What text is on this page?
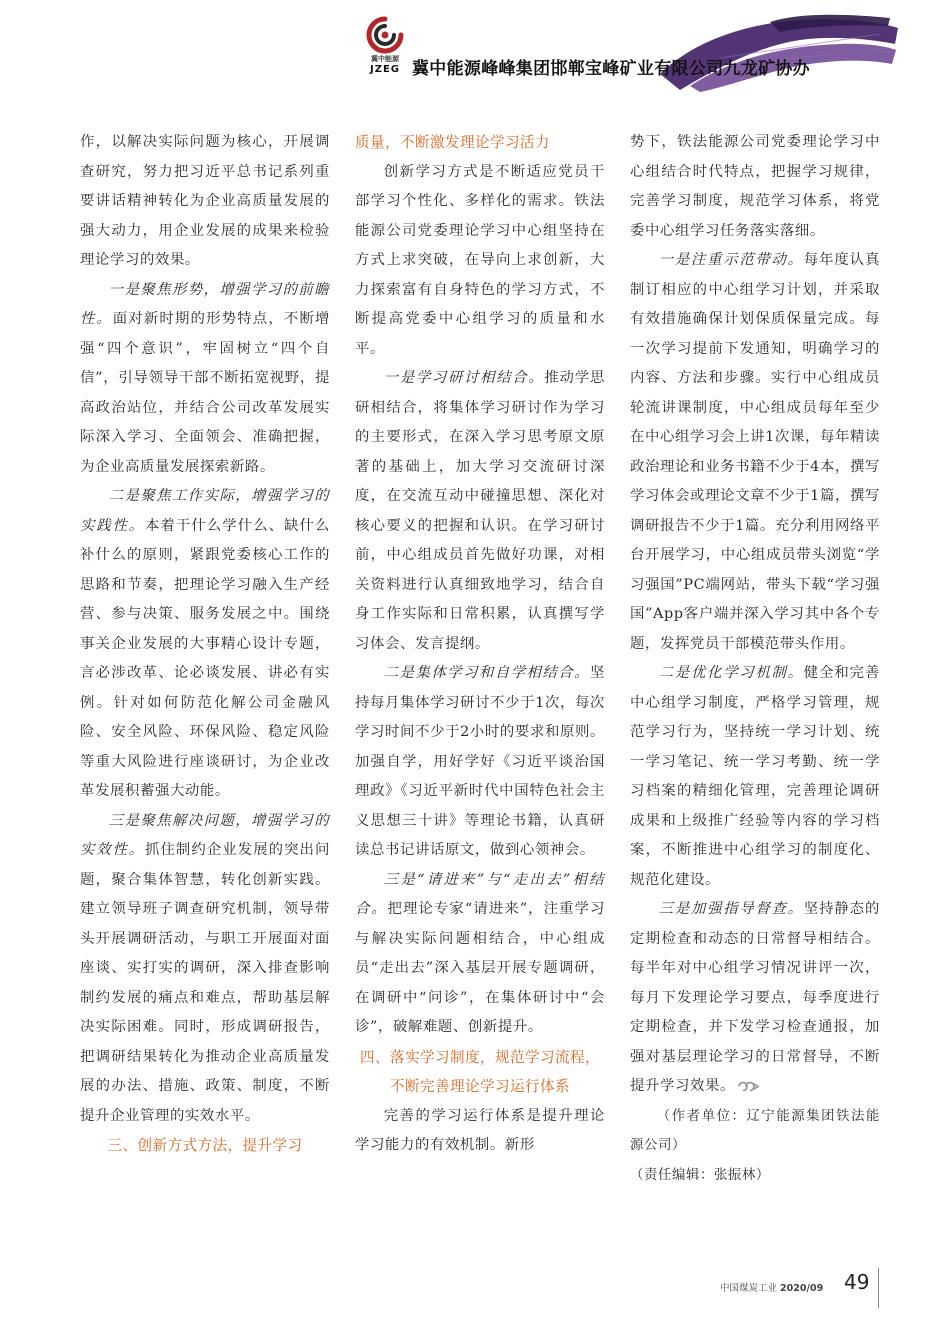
冀中能源
JZEG 冀中能源峰峰集团邯郸宝峰矿业有限公司九龙矿协办

作，以解决实际问题为核心，开展调查研究，努力把习近平总书记系列重要讲话精神转化为企业高质量发展的强大动力，用企业发展的成果来检验理论学习的效果。

一是聚焦形势，增强学习的前瞻性。面对新时期的形势特点，不断增强“四个意识”，牢固树立“四个自信”，引导领导干部不断拓宽视野，提高政治站位，并结合公司改革发展实际深入学习、全面领会、准确把握，为企业高质量发展探索新路。

二是聚焦工作实际，增强学习的实践性。本着干什么学什么、缺什么补什么的原则，紧跟党委核心工作的思路和节奏，把理论学习融入生产经营、参与决策、服务发展之中。围绕事关企业发展的大事精心设计专题，言必涉改革、论必谈发展、讲必有实例。针对如何防范化解公司金融风险、安全风险、环保风险、稳定风险等重大风险进行座谈研讨，为企业改革发展积蓄强大动能。

三是聚焦解决问题，增强学习的实效性。抓住制约企业发展的突出问题，聚合集体智慧，转化创新实践。建立领导班子调查研究机制，领导带头开展调研活动，与职工开展面对面座谈、实打实的调研，深入排查影响制约发展的痛点和难点，帮助基层解决实际困难。同时，形成调研报告，把调研结果转化为推动企业高质量发展的办法、措施、政策、制度，不断提升企业管理的实效水平。

三、创新方式方法，提升学习

质量，不断激发理论学习活力

创新学习方式是不断适应党员干部学习个性化、多样化的需求。铁法能源公司党委理论学习中心组坚持在方式上求突破，在导向上求创新，大力探索富有自身特色的学习方式，不断提高党委中心组学习的质量和水平。

一是学习研讨相结合。推动学思研相结合，将集体学习研讨作为学习的主要形式，在深入学习思考原文原著的基础上，加大学习交流研讨深度，在交流互动中碰撞思想、深化对核心要义的把握和认识。在学习研讨前，中心组成员首先做好功课，对相关资料进行认真细致地学习，结合自身工作实际和日常积累，认真撰写学习体会、发言提纲。

二是集体学习和自学相结合。坚持每月集体学习研讨不少于1次，每次学习时间不少于2小时的要求和原则。加强自学，用好学好《习近平谈治国理政》《习近平新时代中国特色社会主义思想三十讲》等理论书籍，认真研读总书记讲话原文，做到心领神会。

三是“请进来”与“走出去”相结合。把理论专家“请进来”，注重学习与解决实际问题相结合，中心组成员“走出去”深入基层开展专题调研，在调研中“问诊”，在集体研讨中“会诊”，破解难题、创新提升。

四、落实学习制度，规范学习流程，不断完善理论学习运行体系

完善的学习运行体系是提升理论学习能力的有效机制。新形

势下，铁法能源公司党委理论学习中心组结合时代特点，把握学习规律，完善学习制度，规范学习体系，将党委中心组学习任务落实落细。

一是注重示范带动。每年度认真制订相应的中心组学习计划，并采取有效措施确保计划保质保量完成。每一次学习提前下发通知，明确学习的内容、方法和步骤。实行中心组成员轮流讲课制度，中心组成员每年至少在中心组学习会上讲1次课，每年精读政治理论和业务书籍不少于4本，撰写学习体会或理论文章不少于1篇，撰写调研报告不少于1篇。充分利用网络平台开展学习，中心组成员带头浏览“学习强国”PC端网站，带头下载“学习强国”App客户端并深入学习其中各个专题，发挥党员干部模范带头作用。

二是优化学习机制。健全和完善中心组学习制度，严格学习管理，规范学习行为，坚持统一学习计划、统一学习笔记、统一学习考勤、统一学习档案的精细化管理，完善理论调研成果和上级推广经验等内容的学习档案，不断推进中心组学习的制度化、规范化建设。

三是加强指导督查。坚持静态的定期检查和动态的日常督导相结合。每半年对中心组学习情况讲评一次，每月下发理论学习要点，每季度进行定期检查，并下发学习检查通报，加强对基层理论学习的日常督导，不断提升学习效果。

（作者单位：辽宁能源集团铁法能源公司）

（责任编辑：张振林）

中国煤炭工业 2020/09 49
